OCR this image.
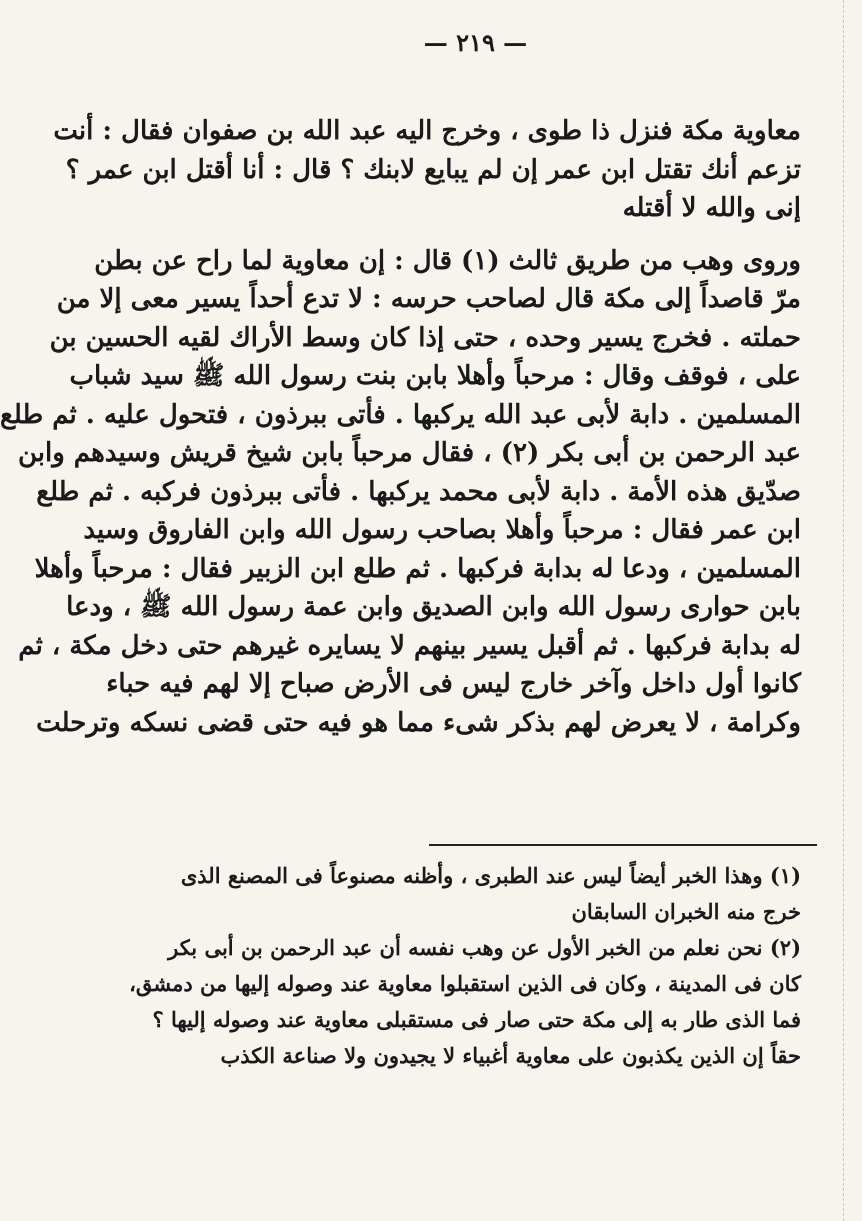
— ٢١٩ —
معاوية مكة فنزل ذا طوى ، وخرج اليه عبد الله بن صفوان فقال : أنت
تزعم أنك تقتل ابن عمر إن لم يبايع لابنك ؟ قال : أنا أقتل ابن عمر ؟
إنى والله لا أقتله
وروى وهب من طريق ثالث (١) قال : إن معاوية لما راح عن بطن
مرّ قاصداً إلى مكة قال لصاحب حرسه : لا تدع أحداً يسير معى إلا من
حملته . فخرج يسير وحده ، حتى إذا كان وسط الأراك لقيه الحسين بن
على ، فوقف وقال : مرحباً وأهلا بابن بنت رسول الله ﷺ سيد شباب
المسلمين . دابة لأبى عبد الله يركبها . فأتى ببرذون ، فتحول عليه . ثم طلع
عبد الرحمن بن أبى بكر (٢) ، فقال مرحباً بابن شيخ قريش وسيدهم وابن
صدّيق هذه الأمة . دابة لأبى محمد يركبها . فأتى ببرذون فركبه . ثم طلع
ابن عمر فقال : مرحباً وأهلا بصاحب رسول الله وابن الفاروق وسيد
المسلمين ، ودعا له بدابة فركبها . ثم طلع ابن الزبير فقال : مرحباً وأهلا
بابن حوارى رسول الله وابن الصديق وابن عمة رسول الله ﷺ ، ودعا
له بدابة فركبها . ثم أقبل يسير بينهم لا يسايره غيرهم حتى دخل مكة ، ثم
كانوا أول داخل وآخر خارج ليس فى الأرض صباح إلا لهم فيه حباء
وكرامة ، لا يعرض لهم بذكر شىء مما هو فيه حتى قضى نسكه وترحلت
(١) وهذا الخبر أيضاً ليس عند الطبرى ، وأظنه مصنوعاً فى المصنع الذى
خرج منه الخبران السابقان
(٢) نحن نعلم من الخبر الأول عن وهب نفسه أن عبد الرحمن بن أبى بكر
كان فى المدينة ، وكان فى الذين استقبلوا معاوية عند وصوله إليها من دمشق،
فما الذى طار به إلى مكة حتى صار فى مستقبلى معاوية عند وصوله إليها ؟
حقاً إن الذين يكذبون على معاوية أغبياء لا يجيدون ولا صناعة الكذب
